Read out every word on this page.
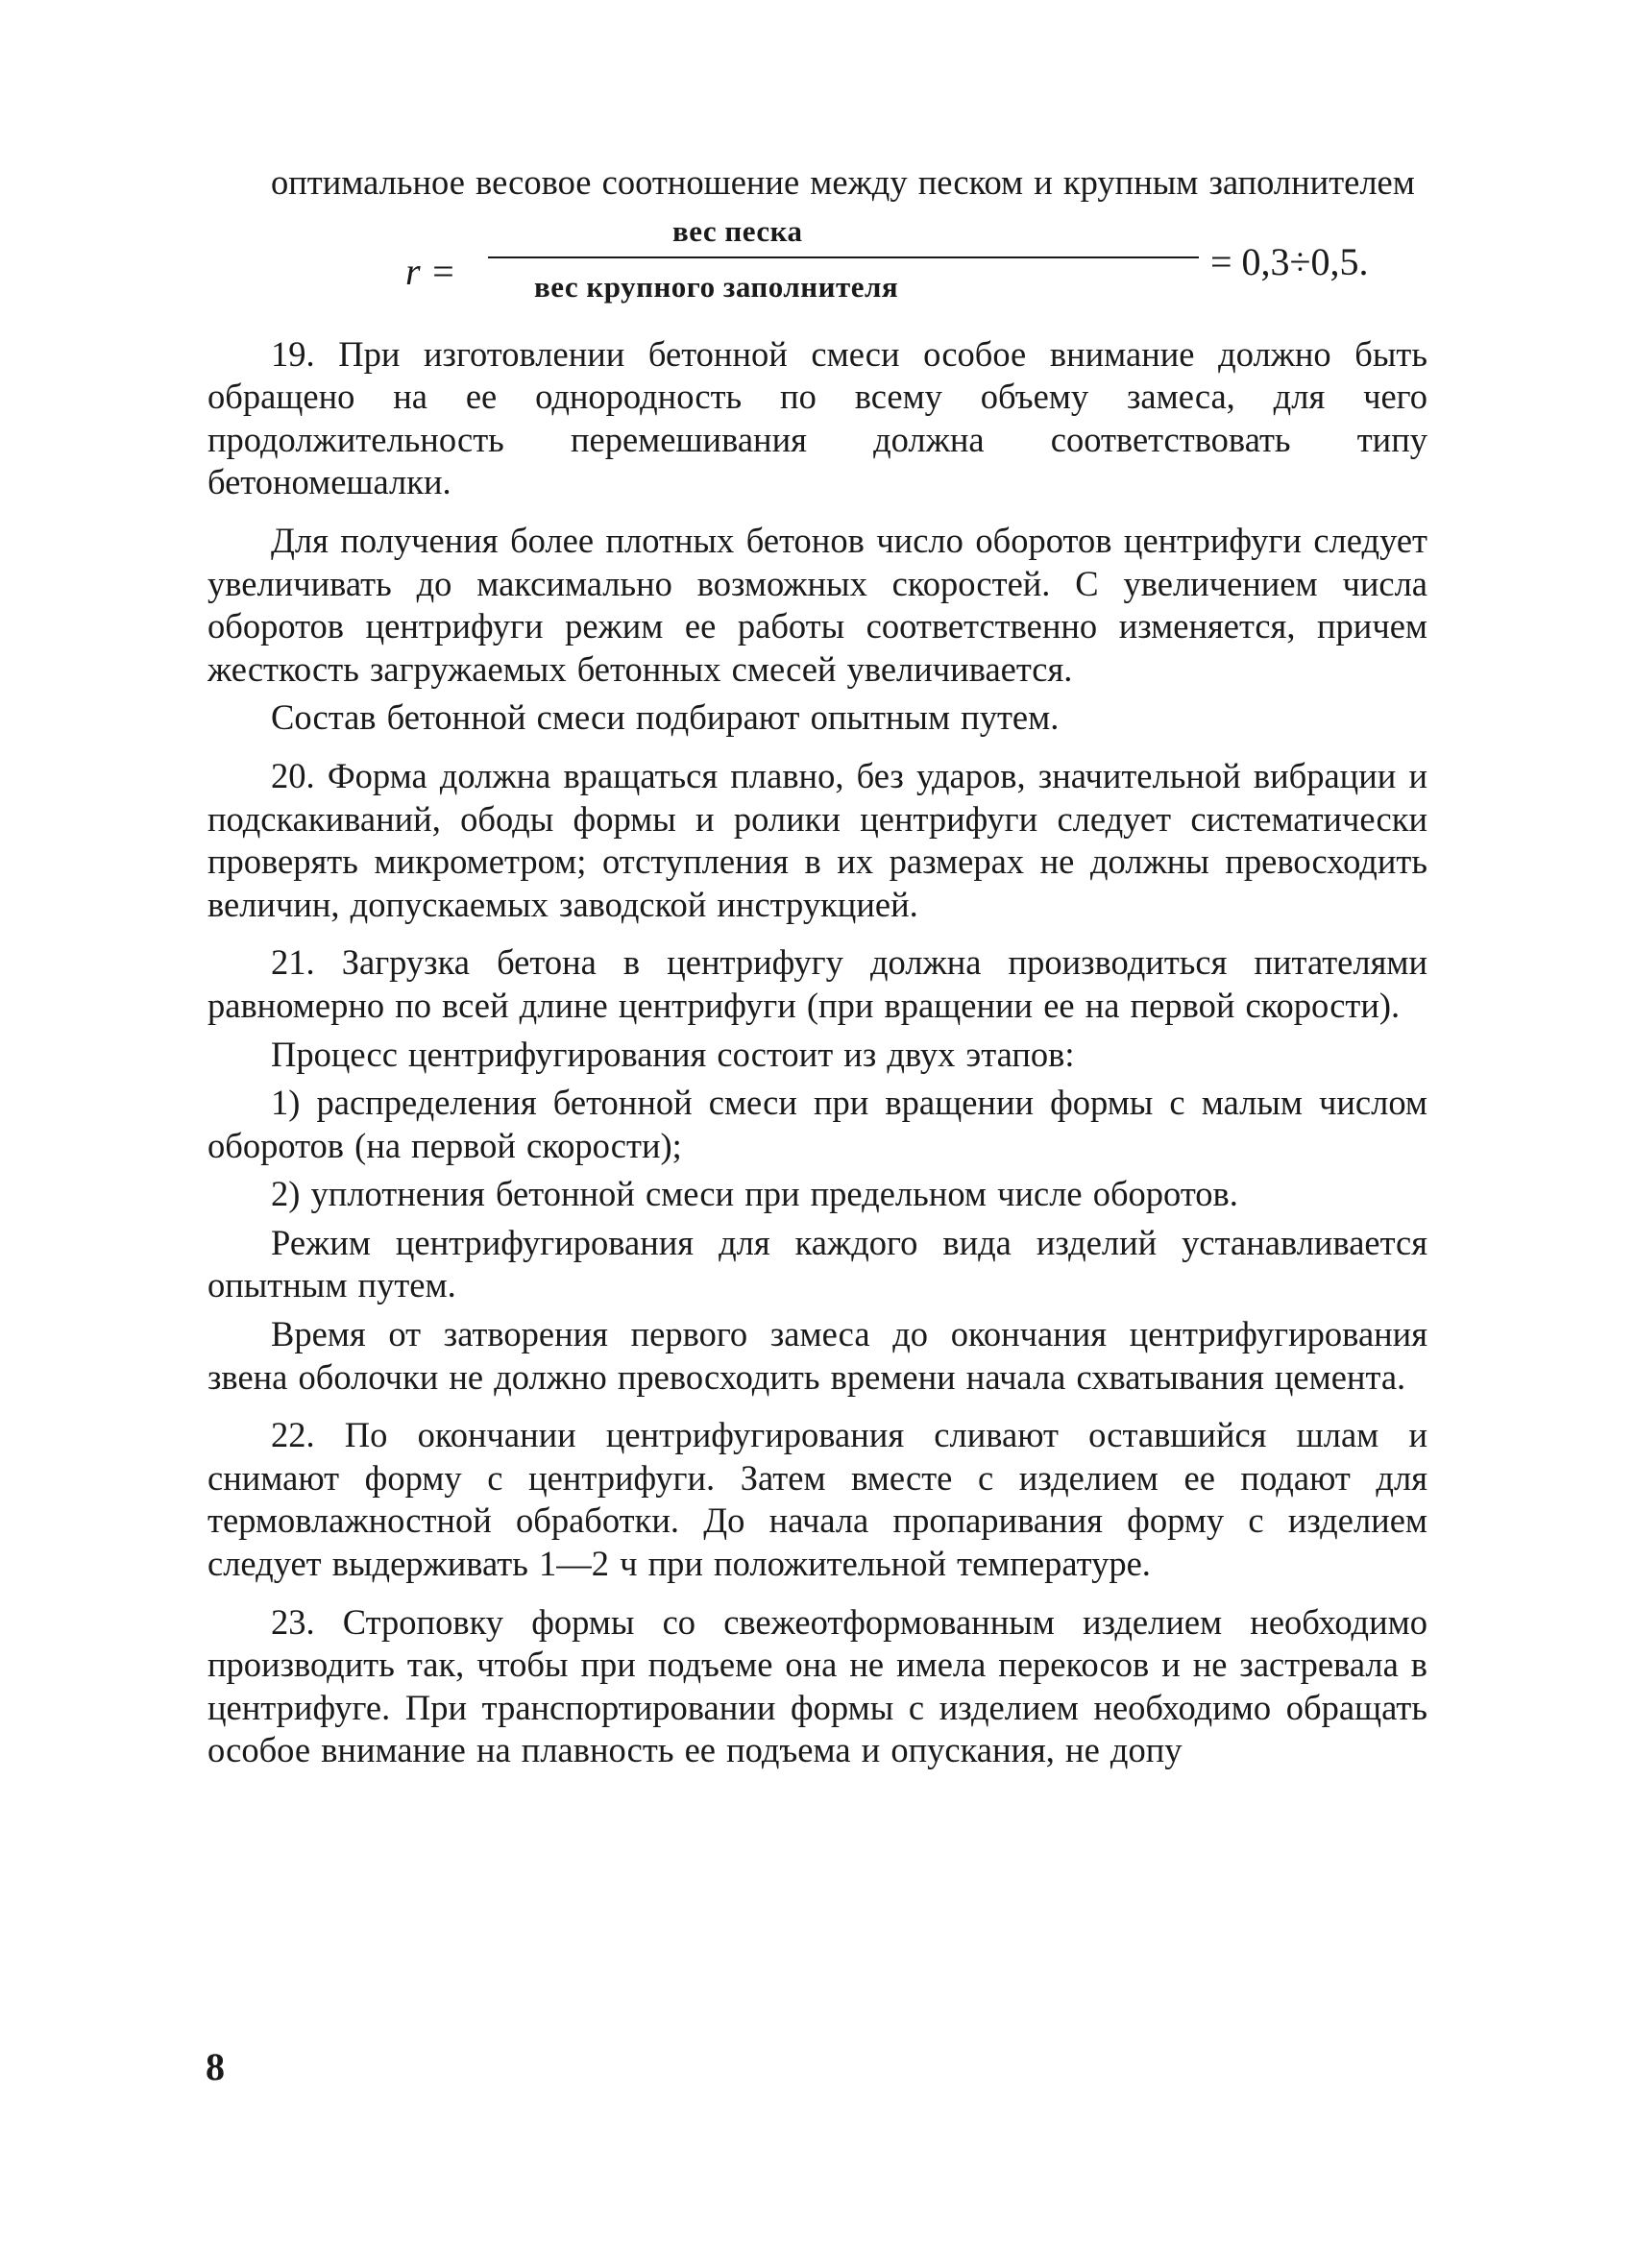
оптимальное весовое соотношение между песком и крупным заполнителем

r =
вес песка
вес крупного заполнителя
= 0,3÷0,5.

19. При изготовлении бетонной смеси особое внимание должно быть обращено на ее однородность по всему объему замеса, для чего продолжительность перемешивания должна соответствовать типу бетономешалки.

Для получения более плотных бетонов число оборотов центрифуги следует увеличивать до максимально возможных скоростей. С увеличением числа оборотов центрифуги режим ее работы соответственно изменяется, причем жесткость загружаемых бетонных смесей увеличивается.

Состав бетонной смеси подбирают опытным путем.

20. Форма должна вращаться плавно, без ударов, значительной вибрации и подскакиваний, ободы формы и ролики центрифуги следует систематически проверять микрометром; отступления в их размерах не должны превосходить величин, допускаемых заводской инструкцией.

21. Загрузка бетона в центрифугу должна производиться питателями равномерно по всей длине центрифуги (при вращении ее на первой скорости).

Процесс центрифугирования состоит из двух этапов:

1) распределения бетонной смеси при вращении формы с малым числом оборотов (на первой скорости);

2) уплотнения бетонной смеси при предельном числе оборотов.

Режим центрифугирования для каждого вида изделий устанавливается опытным путем.

Время от затворения первого замеса до окончания центрифугирования звена оболочки не должно превосходить времени начала схватывания цемента.

22. По окончании центрифугирования сливают оставшийся шлам и снимают форму с центрифуги. Затем вместе с изделием ее подают для термовлажностной обработки. До начала пропаривания форму с изделием следует выдерживать 1—2 ч при положительной температуре.

23. Строповку формы со свежеотформованным изделием необходимо производить так, чтобы при подъеме она не имела перекосов и не застревала в центрифуге. При транспортировании формы с изделием необходимо обращать особое внимание на плавность ее подъема и опускания, не допу

8
